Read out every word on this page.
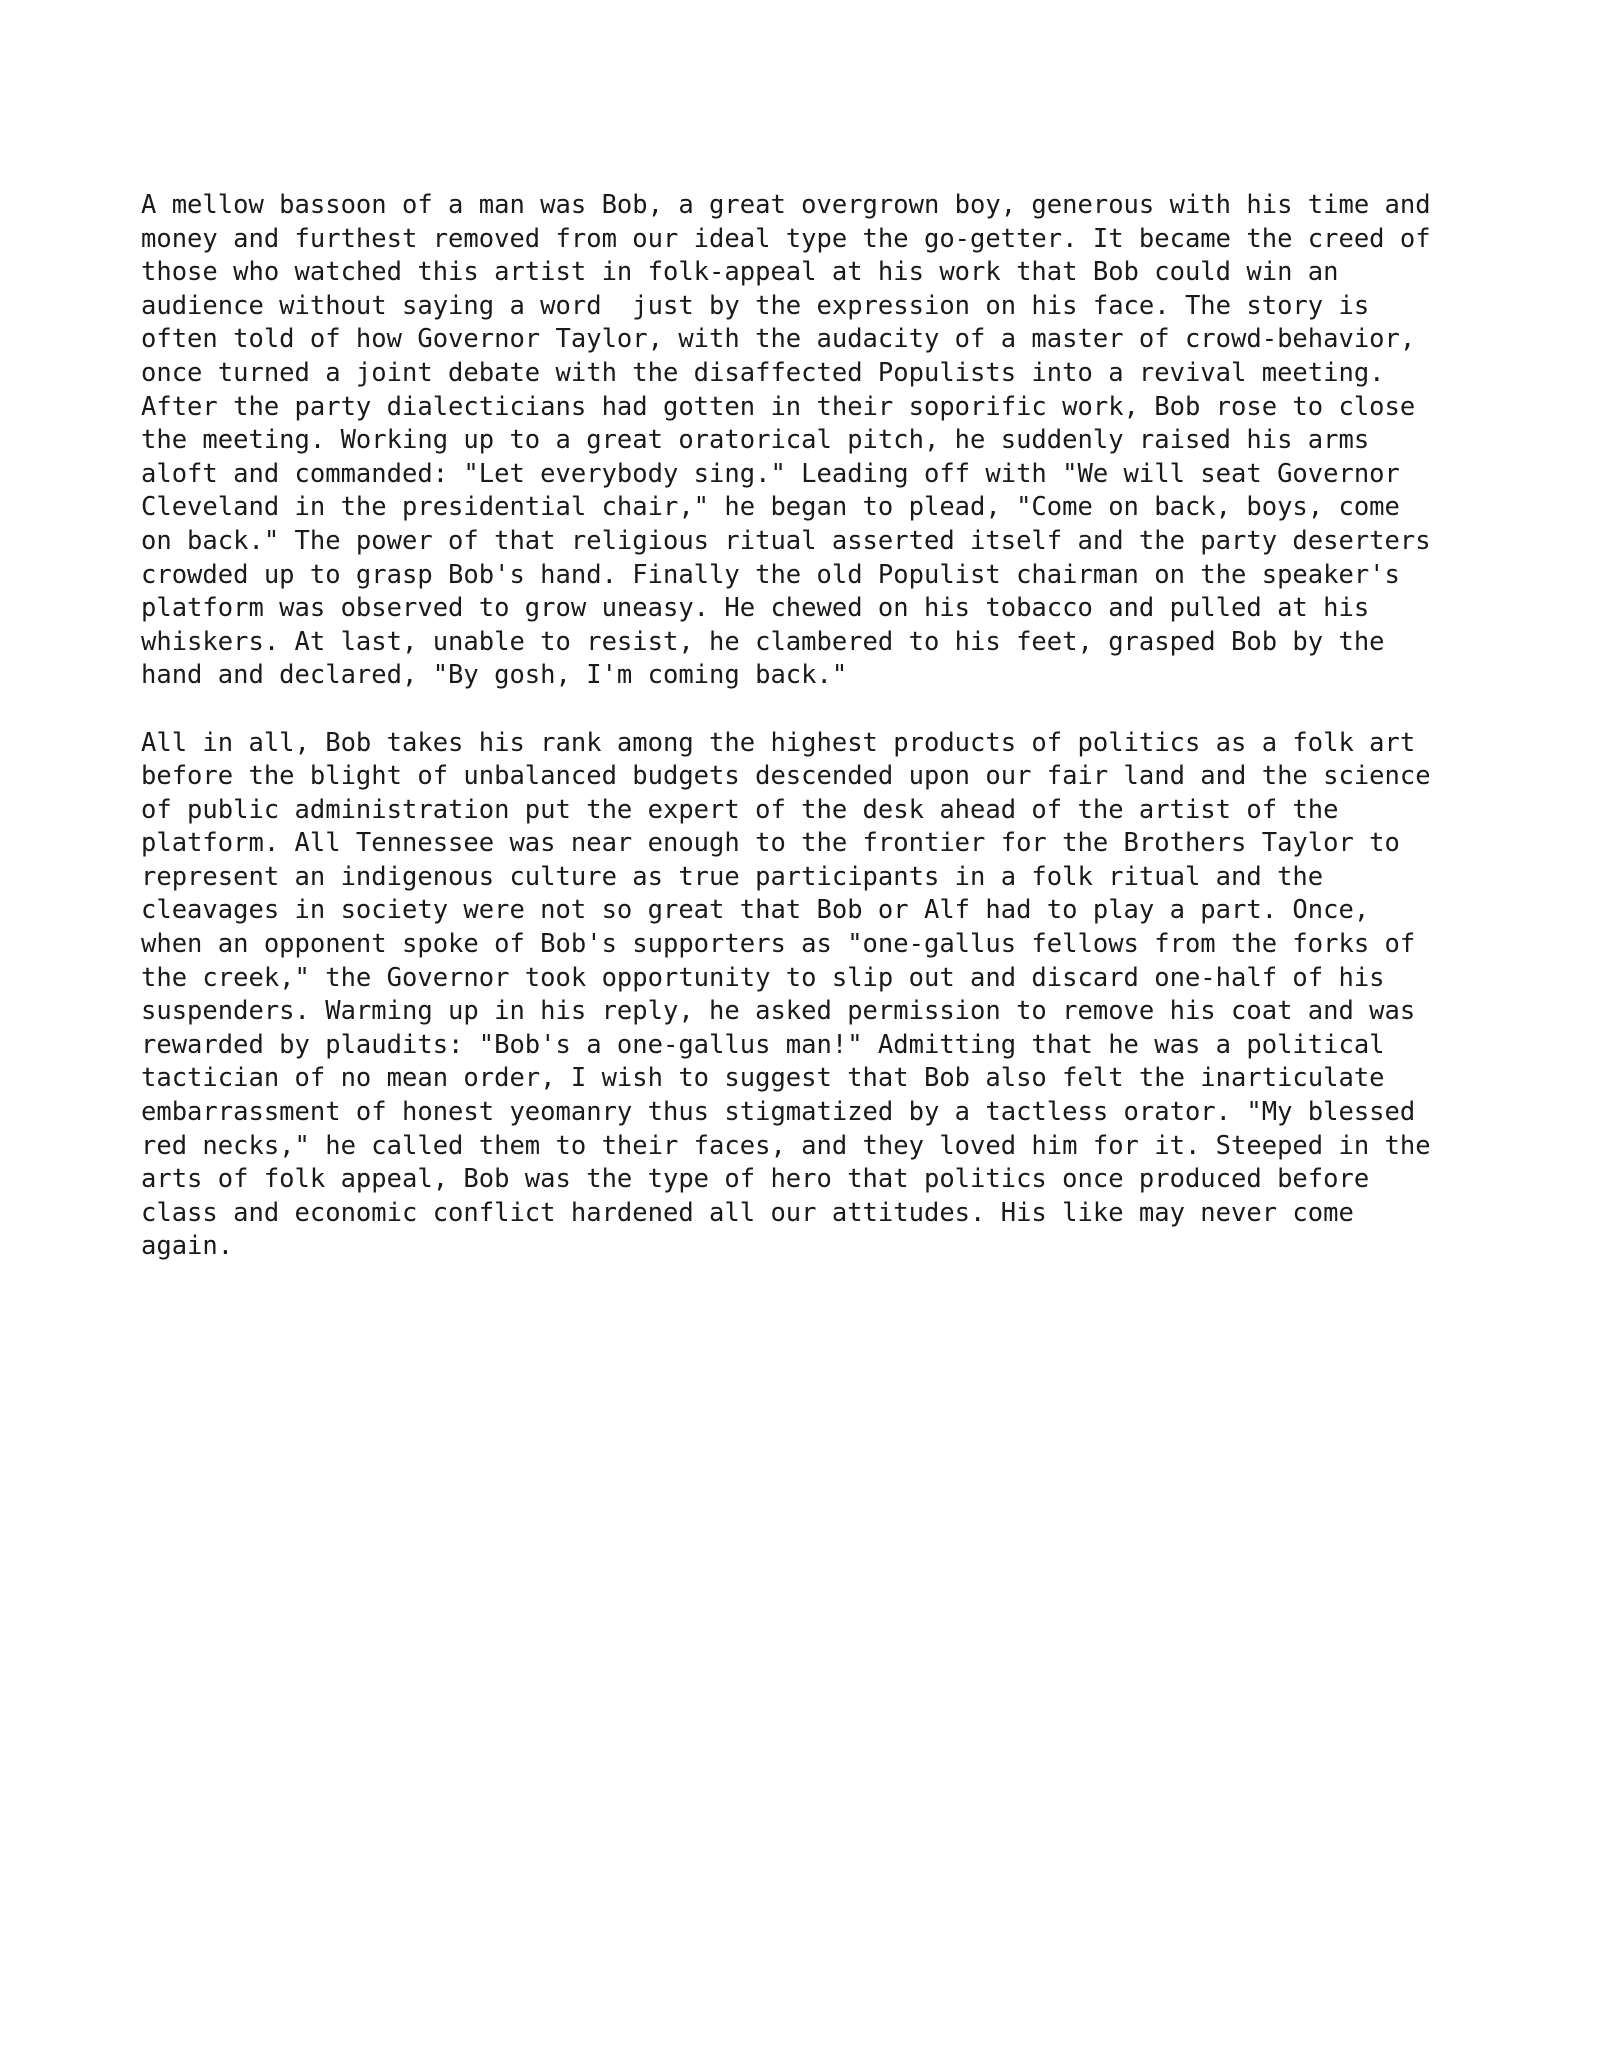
A mellow bassoon of a man was Bob, a great overgrown boy, generous with his time and
money and furthest removed from our ideal type the go-getter. It became the creed of
those who watched this artist in folk-appeal at his work that Bob could win an
audience without saying a word  just by the expression on his face. The story is
often told of how Governor Taylor, with the audacity of a master of crowd-behavior,
once turned a joint debate with the disaffected Populists into a revival meeting.
After the party dialecticians had gotten in their soporific work, Bob rose to close
the meeting. Working up to a great oratorical pitch, he suddenly raised his arms
aloft and commanded: "Let everybody sing." Leading off with "We will seat Governor
Cleveland in the presidential chair," he began to plead, "Come on back, boys, come
on back." The power of that religious ritual asserted itself and the party deserters
crowded up to grasp Bob's hand. Finally the old Populist chairman on the speaker's
platform was observed to grow uneasy. He chewed on his tobacco and pulled at his
whiskers. At last, unable to resist, he clambered to his feet, grasped Bob by the
hand and declared, "By gosh, I'm coming back."
All in all, Bob takes his rank among the highest products of politics as a folk art
before the blight of unbalanced budgets descended upon our fair land and the science
of public administration put the expert of the desk ahead of the artist of the
platform. All Tennessee was near enough to the frontier for the Brothers Taylor to
represent an indigenous culture as true participants in a folk ritual and the
cleavages in society were not so great that Bob or Alf had to play a part. Once,
when an opponent spoke of Bob's supporters as "one-gallus fellows from the forks of
the creek," the Governor took opportunity to slip out and discard one-half of his
suspenders. Warming up in his reply, he asked permission to remove his coat and was
rewarded by plaudits: "Bob's a one-gallus man!" Admitting that he was a political
tactician of no mean order, I wish to suggest that Bob also felt the inarticulate
embarrassment of honest yeomanry thus stigmatized by a tactless orator. "My blessed
red necks," he called them to their faces, and they loved him for it. Steeped in the
arts of folk appeal, Bob was the type of hero that politics once produced before
class and economic conflict hardened all our attitudes. His like may never come
again.
